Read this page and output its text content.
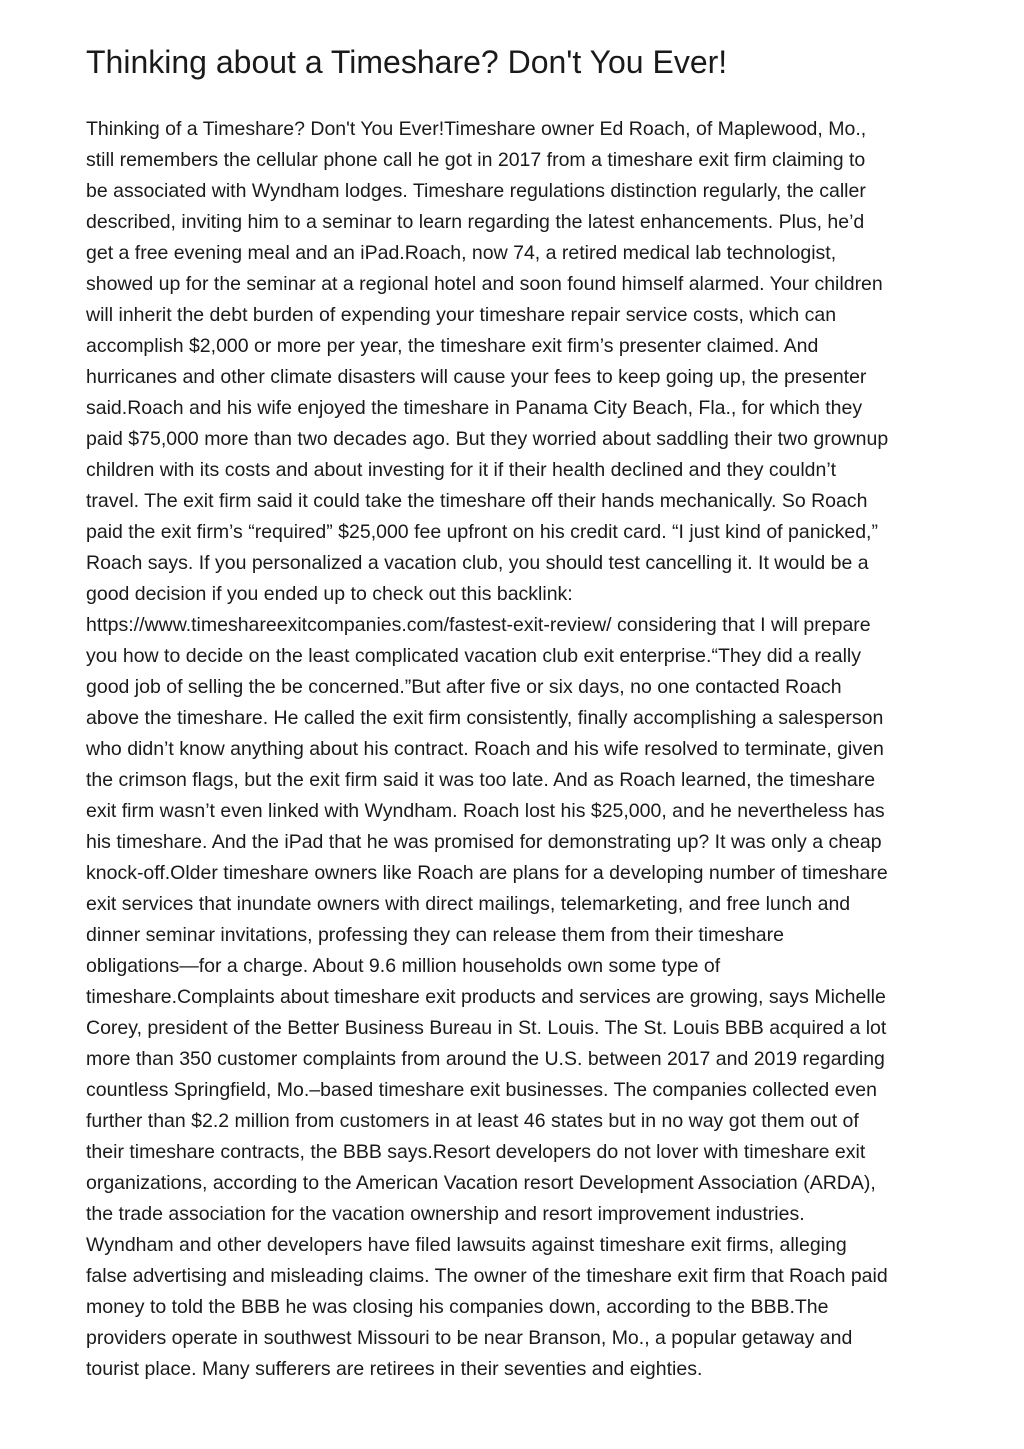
Thinking about a Timeshare? Don't You Ever!
Thinking of a Timeshare? Don't You Ever!Timeshare owner Ed Roach, of Maplewood, Mo.,
still remembers the cellular phone call he got in 2017 from a timeshare exit firm claiming to
be associated with Wyndham lodges. Timeshare regulations distinction regularly, the caller
described, inviting him to a seminar to learn regarding the latest enhancements. Plus, he’d
get a free evening meal and an iPad.Roach, now 74, a retired medical lab technologist,
showed up for the seminar at a regional hotel and soon found himself alarmed. Your children
will inherit the debt burden of expending your timeshare repair service costs, which can
accomplish $2,000 or more per year, the timeshare exit firm’s presenter claimed. And
hurricanes and other climate disasters will cause your fees to keep going up, the presenter
said.Roach and his wife enjoyed the timeshare in Panama City Beach, Fla., for which they
paid $75,000 more than two decades ago. But they worried about saddling their two grownup
children with its costs and about investing for it if their health declined and they couldn’t
travel. The exit firm said it could take the timeshare off their hands mechanically. So Roach
paid the exit firm’s “required” $25,000 fee upfront on his credit card. “I just kind of panicked,”
Roach says. If you personalized a vacation club, you should test cancelling it. It would be a
good decision if you ended up to check out this backlink:
https://www.timeshareexitcompanies.com/fastest-exit-review/ considering that I will prepare
you how to decide on the least complicated vacation club exit enterprise.“They did a really
good job of selling the be concerned.”But after five or six days, no one contacted Roach
above the timeshare. He called the exit firm consistently, finally accomplishing a salesperson
who didn’t know anything about his contract. Roach and his wife resolved to terminate, given
the crimson flags, but the exit firm said it was too late. And as Roach learned, the timeshare
exit firm wasn’t even linked with Wyndham. Roach lost his $25,000, and he nevertheless has
his timeshare. And the iPad that he was promised for demonstrating up? It was only a cheap
knock-off.Older timeshare owners like Roach are plans for a developing number of timeshare
exit services that inundate owners with direct mailings, telemarketing, and free lunch and
dinner seminar invitations, professing they can release them from their timeshare
obligations—for a charge. About 9.6 million households own some type of
timeshare.Complaints about timeshare exit products and services are growing, says Michelle
Corey, president of the Better Business Bureau in St. Louis. The St. Louis BBB acquired a lot
more than 350 customer complaints from around the U.S. between 2017 and 2019 regarding
countless Springfield, Mo.–based timeshare exit businesses. The companies collected even
further than $2.2 million from customers in at least 46 states but in no way got them out of
their timeshare contracts, the BBB says.Resort developers do not lover with timeshare exit
organizations, according to the American Vacation resort Development Association (ARDA),
the trade association for the vacation ownership and resort improvement industries.
Wyndham and other developers have filed lawsuits against timeshare exit firms, alleging
false advertising and misleading claims. The owner of the timeshare exit firm that Roach paid
money to told the BBB he was closing his companies down, according to the BBB.The
providers operate in southwest Missouri to be near Branson, Mo., a popular getaway and
tourist place. Many sufferers are retirees in their seventies and eighties.
